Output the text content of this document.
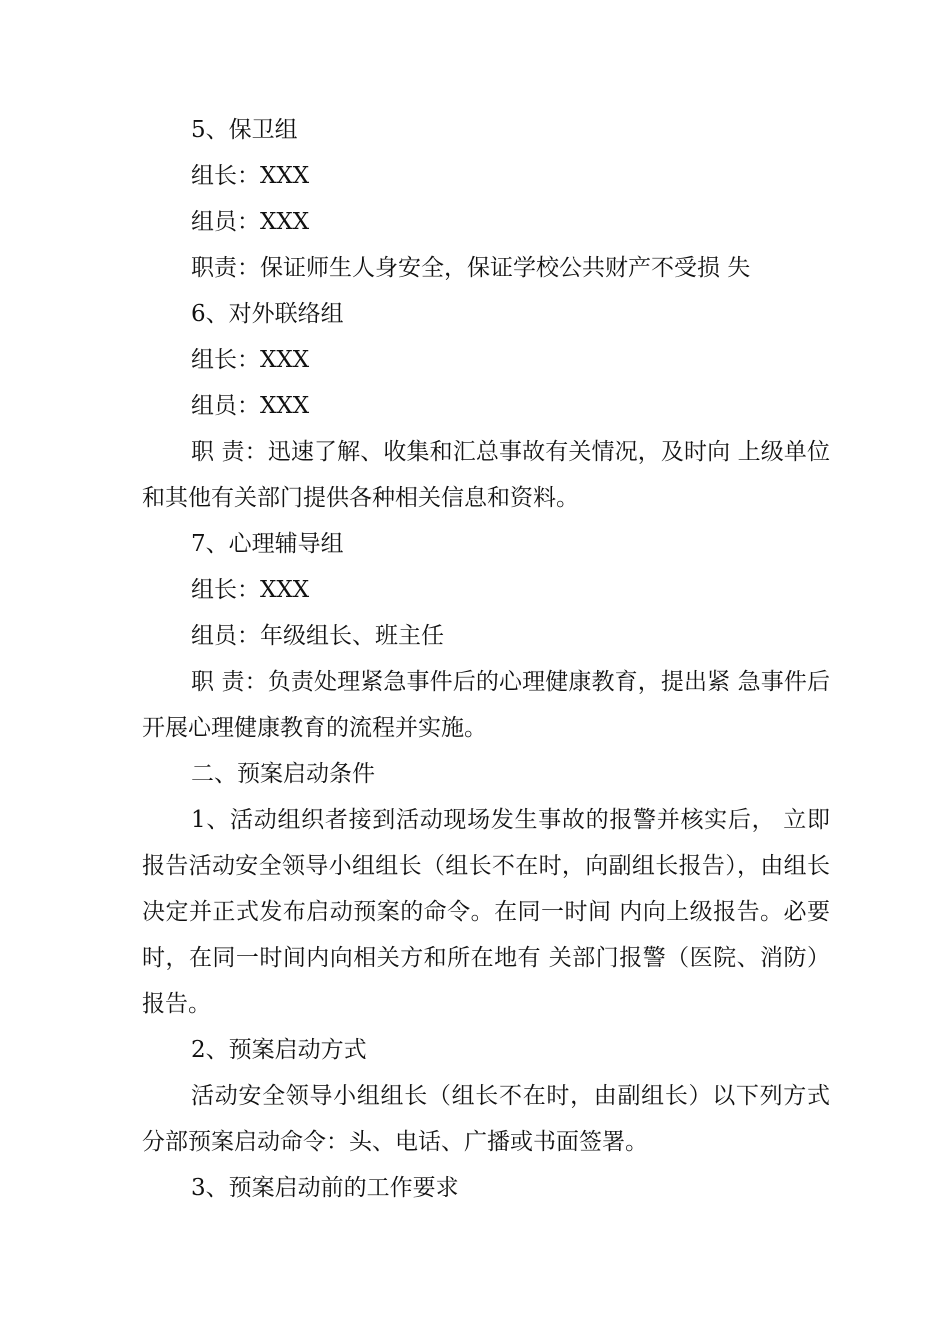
5、保卫组

组长：XXX

组员：XXX

职责：保证师生人身安全，保证学校公共财产不受损 失

6、对外联络组

组长：XXX

组员：XXX

职 责：迅速了解、收集和汇总事故有关情况，及时向 上级单位和其他有关部门提供各种相关信息和资料。

7、心理辅导组

组长：XXX

组员：年级组长、班主任

职 责：负责处理紧急事件后的心理健康教育，提出紧 急事件后开展心理健康教育的流程并实施。

二、预案启动条件

1、活动组织者接到活动现场发生事故的报警并核实后， 立即报告活动安全领导小组组长（组长不在时，向副组长报告），由组长决定并正式发布启动预案的命令。在同一时间 内向上级报告。必要时，在同一时间内向相关方和所在地有 关部门报警（医院、消防）报告。

2、预案启动方式

活动安全领导小组组长（组长不在时，由副组长）以下列方式分部预案启动命令：头、电话、广播或书面签署。

3、预案启动前的工作要求
